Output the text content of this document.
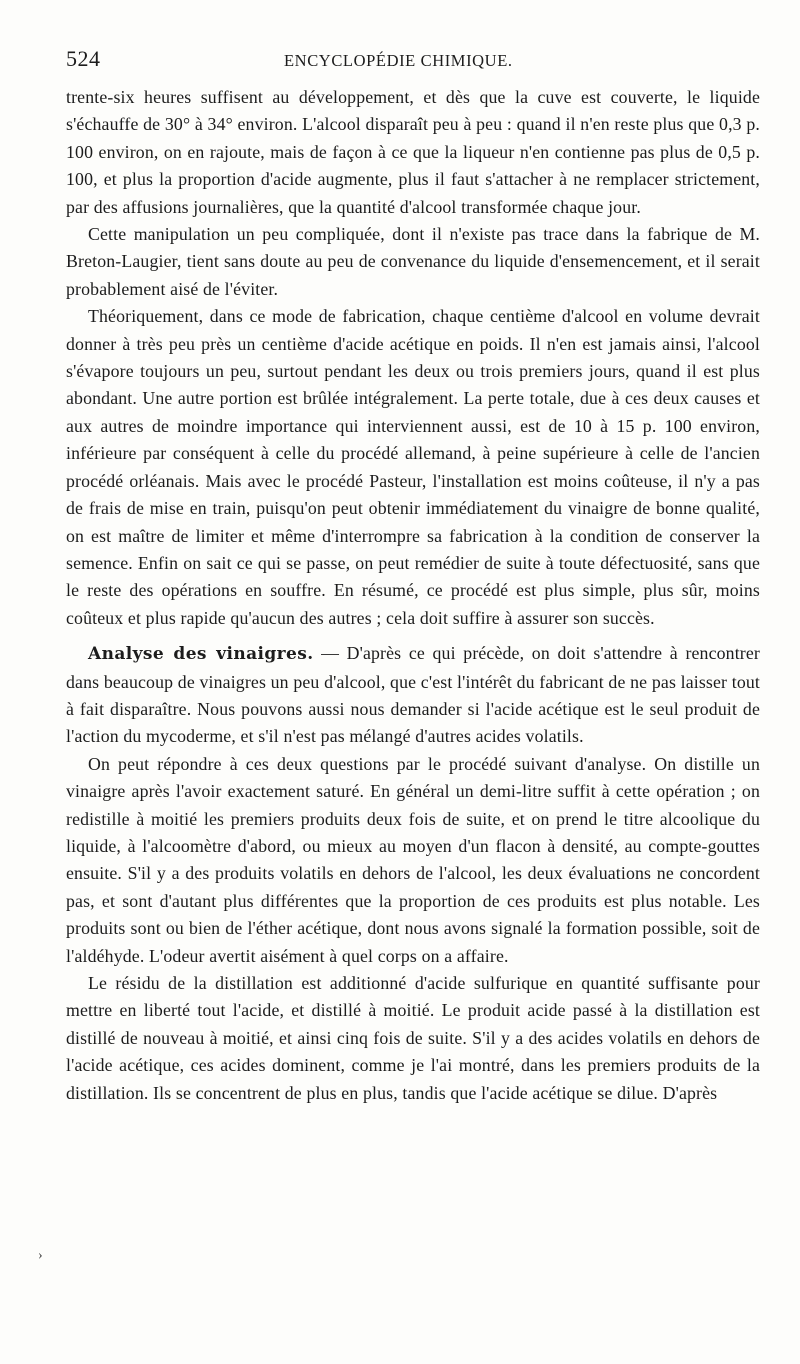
524	ENCYCLOPÉDIE CHIMIQUE.
›

trente-six heures suffisent au développement, et dès que la cuve est couverte, le liquide s'échauffe de 30° à 34° environ. L'alcool disparaît peu à peu : quand il n'en reste plus que 0,3 p. 100 environ, on en rajoute, mais de façon à ce que la liqueur n'en contienne pas plus de 0,5 p. 100, et plus la proportion d'acide augmente, plus il faut s'attacher à ne remplacer strictement, par des affusions journalières, que la quantité d'alcool transformée chaque jour.

Cette manipulation un peu compliquée, dont il n'existe pas trace dans la fabrique de M. Breton-Laugier, tient sans doute au peu de convenance du liquide d'ensemencement, et il serait probablement aisé de l'éviter.

Théoriquement, dans ce mode de fabrication, chaque centième d'alcool en volume devrait donner à très peu près un centième d'acide acétique en poids. Il n'en est jamais ainsi, l'alcool s'évapore toujours un peu, surtout pendant les deux ou trois premiers jours, quand il est plus abondant. Une autre portion est brûlée intégralement. La perte totale, due à ces deux causes et aux autres de moindre importance qui interviennent aussi, est de 10 à 15 p. 100 environ, inférieure par conséquent à celle du procédé allemand, à peine supérieure à celle de l'ancien procédé orléanais. Mais avec le procédé Pasteur, l'installation est moins coûteuse, il n'y a pas de frais de mise en train, puisqu'on peut obtenir immédiatement du vinaigre de bonne qualité, on est maître de limiter et même d'interrompre sa fabrication à la condition de conserver la semence. Enfin on sait ce qui se passe, on peut remédier de suite à toute défectuosité, sans que le reste des opérations en souffre. En résumé, ce procédé est plus simple, plus sûr, moins coûteux et plus rapide qu'aucun des autres ; cela doit suffire à assurer son succès.

Analyse des vinaigres. — D'après ce qui précède, on doit s'attendre à rencontrer dans beaucoup de vinaigres un peu d'alcool, que c'est l'intérêt du fabricant de ne pas laisser tout à fait disparaître. Nous pouvons aussi nous demander si l'acide acétique est le seul produit de l'action du mycoderme, et s'il n'est pas mélangé d'autres acides volatils.

On peut répondre à ces deux questions par le procédé suivant d'analyse. On distille un vinaigre après l'avoir exactement saturé. En général un demi-litre suffit à cette opération ; on redistille à moitié les premiers produits deux fois de suite, et on prend le titre alcoolique du liquide, à l'alcoomètre d'abord, ou mieux au moyen d'un flacon à densité, au compte-gouttes ensuite. S'il y a des produits volatils en dehors de l'alcool, les deux évaluations ne concordent pas, et sont d'autant plus différentes que la proportion de ces produits est plus notable. Les produits sont ou bien de l'éther acétique, dont nous avons signalé la formation possible, soit de l'aldéhyde. L'odeur avertit aisément à quel corps on a affaire.

Le résidu de la distillation est additionné d'acide sulfurique en quantité suffisante pour mettre en liberté tout l'acide, et distillé à moitié. Le produit acide passé à la distillation est distillé de nouveau à moitié, et ainsi cinq fois de suite. S'il y a des acides volatils en dehors de l'acide acétique, ces acides dominent, comme je l'ai montré, dans les premiers produits de la distillation. Ils se concentrent de plus en plus, tandis que l'acide acétique se dilue. D'après
